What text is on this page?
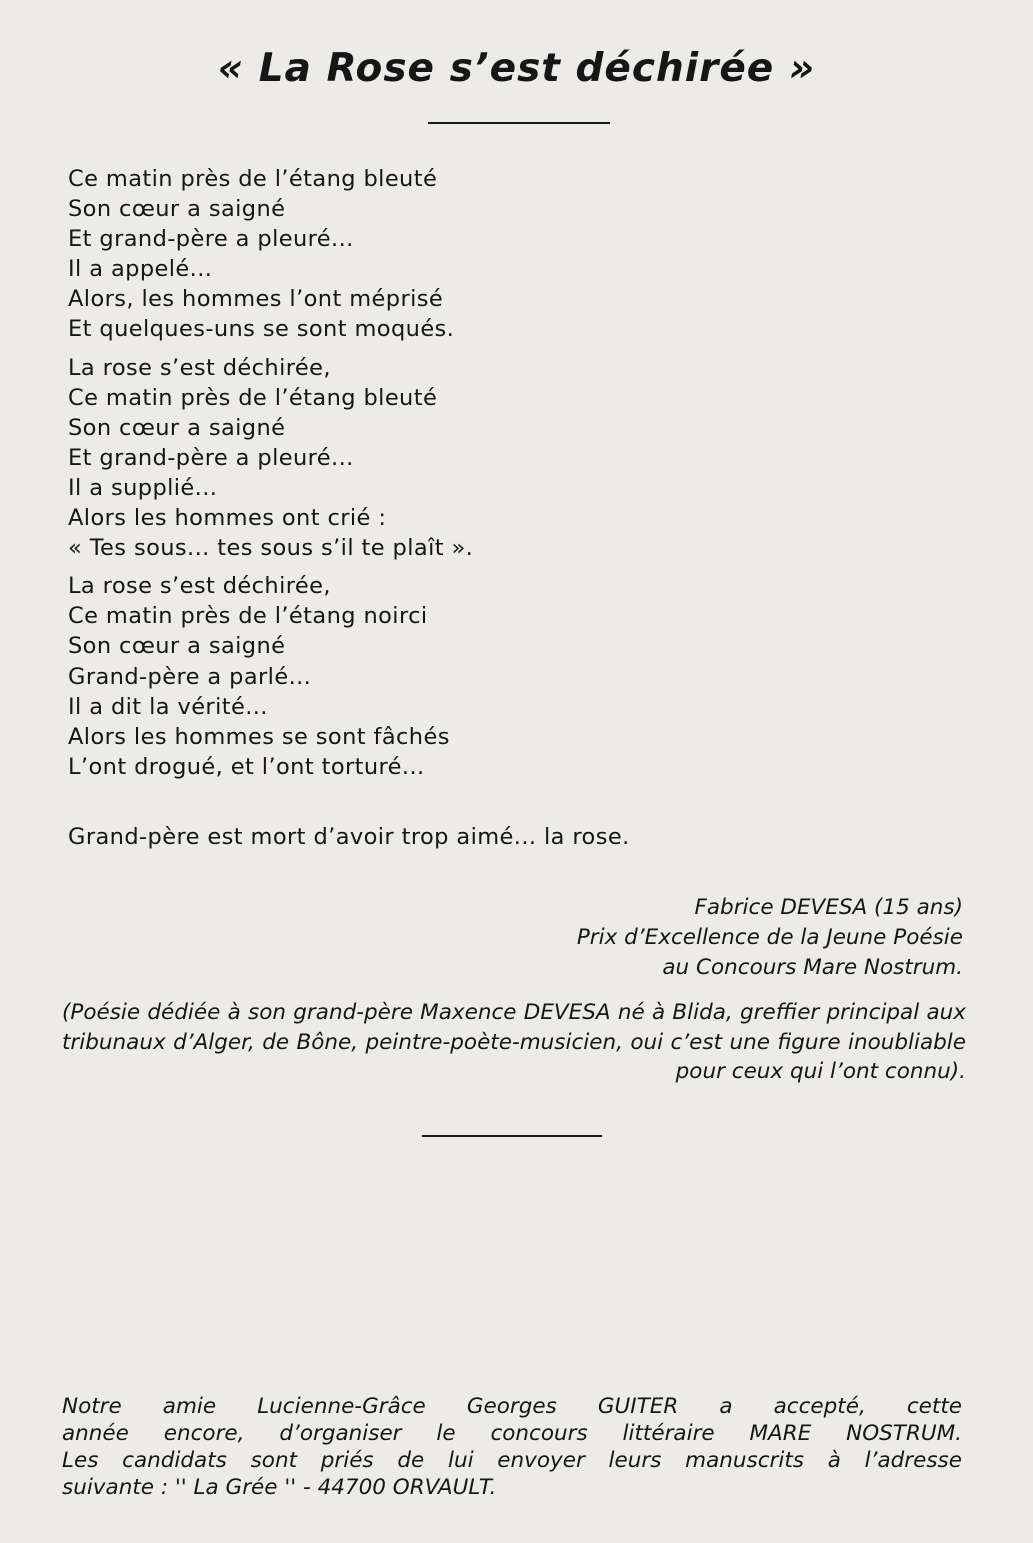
« La Rose s’est déchirée »
Ce matin près de l’étang bleuté
Son cœur a saigné
Et grand-père a pleuré...
Il a appelé...
Alors, les hommes l’ont méprisé
Et quelques-uns se sont moqués.
La rose s’est déchirée,
Ce matin près de l’étang bleuté
Son cœur a saigné
Et grand-père a pleuré...
Il a supplié...
Alors les hommes ont crié :
« Tes sous... tes sous s’il te plaît ».
La rose s’est déchirée,
Ce matin près de l’étang noirci
Son cœur a saigné
Grand-père a parlé...
Il a dit la vérité...
Alors les hommes se sont fâchés
L’ont drogué, et l’ont torturé...
Grand-père est mort d’avoir trop aimé... la rose.
Fabrice DEVESA (15 ans)
Prix d’Excellence de la Jeune Poésie
au Concours Mare Nostrum.
(Poésie dédiée à son grand-père Maxence DEVESA né à Blida, greffier principal aux tribunaux d’Alger, de Bône, peintre-poète-musicien, oui c’est une figure inoubliable pour ceux qui l’ont connu).
Notre amie Lucienne-Grâce Georges GUITER a accepté, cette
année encore, d’organiser le concours littéraire MARE NOSTRUM.
Les candidats sont priés de lui envoyer leurs manuscrits à l’adresse
suivante : '' La Grée '' - 44700 ORVAULT.
